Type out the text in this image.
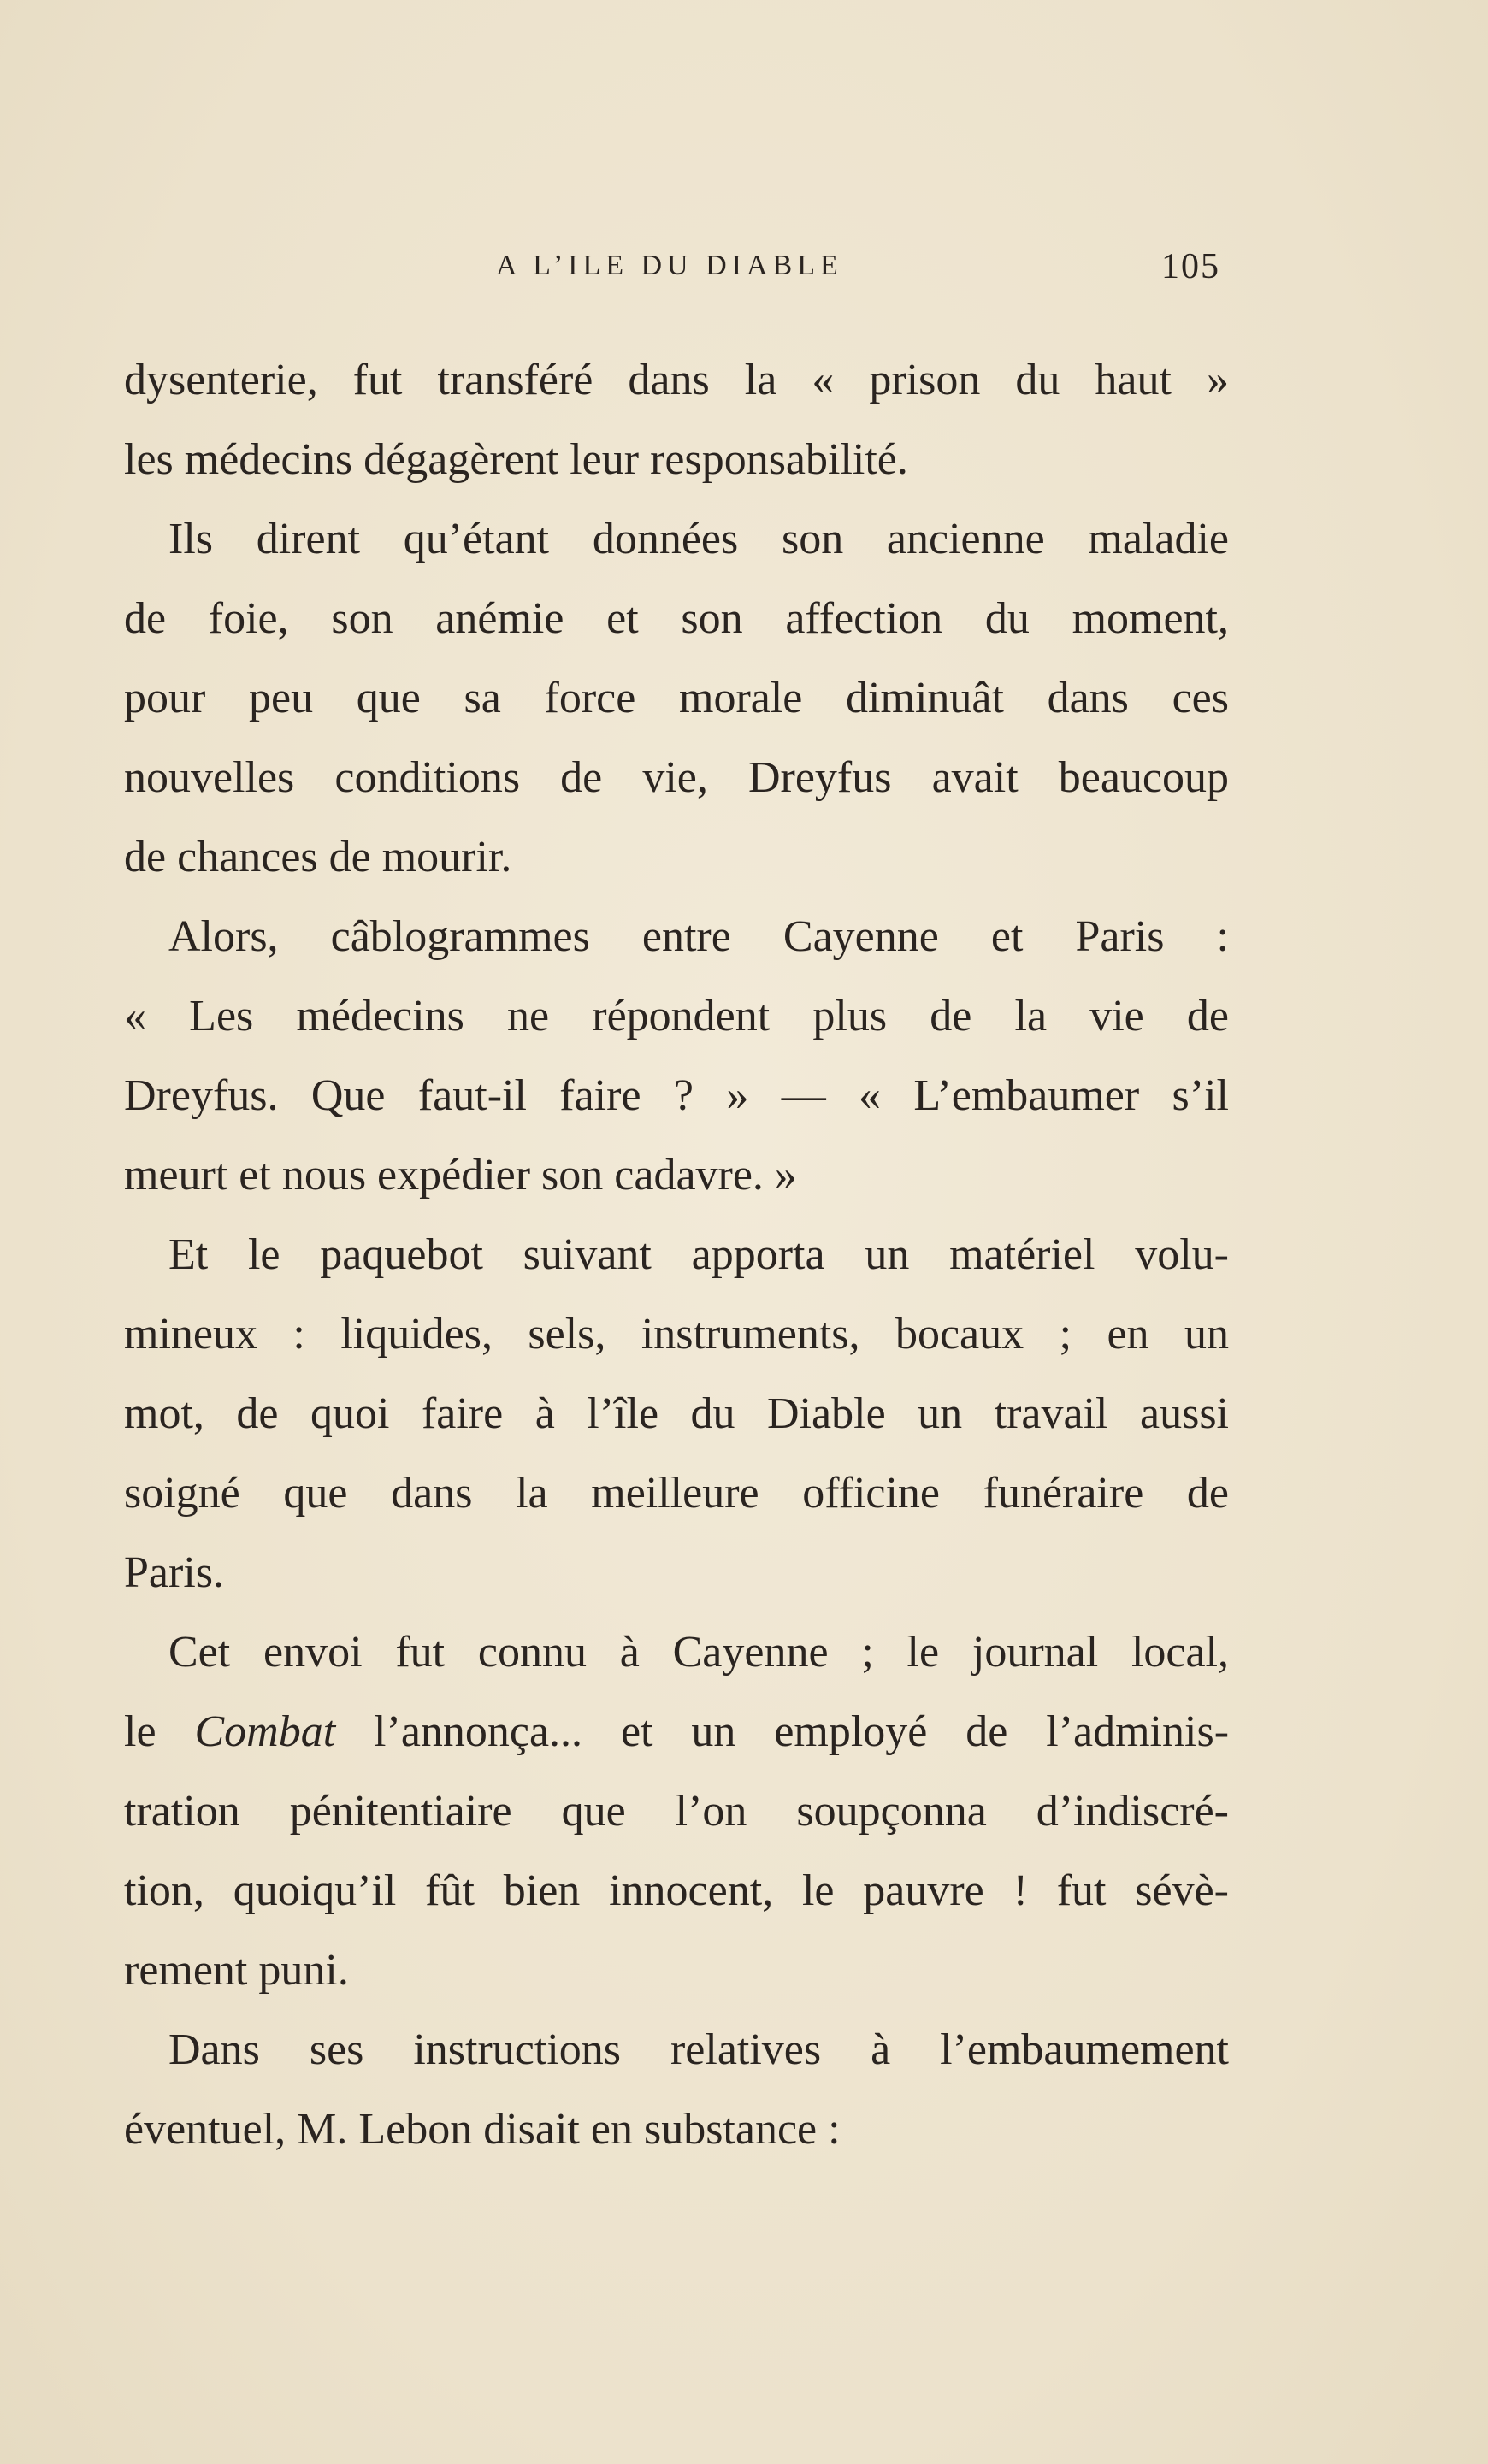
A L’ILE DU DIABLE	105
dysenterie, fut transféré dans la « prison du haut »
les médecins dégagèrent leur responsabilité.
Ils dirent qu’étant données son ancienne maladie
de foie, son anémie et son affection du moment,
pour peu que sa force morale diminuât dans ces
nouvelles conditions de vie, Dreyfus avait beaucoup
de chances de mourir.
Alors, câblogrammes entre Cayenne et Paris :
« Les médecins ne répondent plus de la vie de
Dreyfus. Que faut-il faire ? » — « L’embaumer s’il
meurt et nous expédier son cadavre. »
Et le paquebot suivant apporta un matériel volu-
mineux : liquides, sels, instruments, bocaux ; en un
mot, de quoi faire à l’île du Diable un travail aussi
soigné que dans la meilleure officine funéraire de
Paris.
Cet envoi fut connu à Cayenne ; le journal local,
le Combat l’annonça... et un employé de l’adminis-
tration pénitentiaire que l’on soupçonna d’indiscré-
tion, quoiqu’il fût bien innocent, le pauvre ! fut sévè-
rement puni.
Dans ses instructions relatives à l’embaumement
éventuel, M. Lebon disait en substance :
